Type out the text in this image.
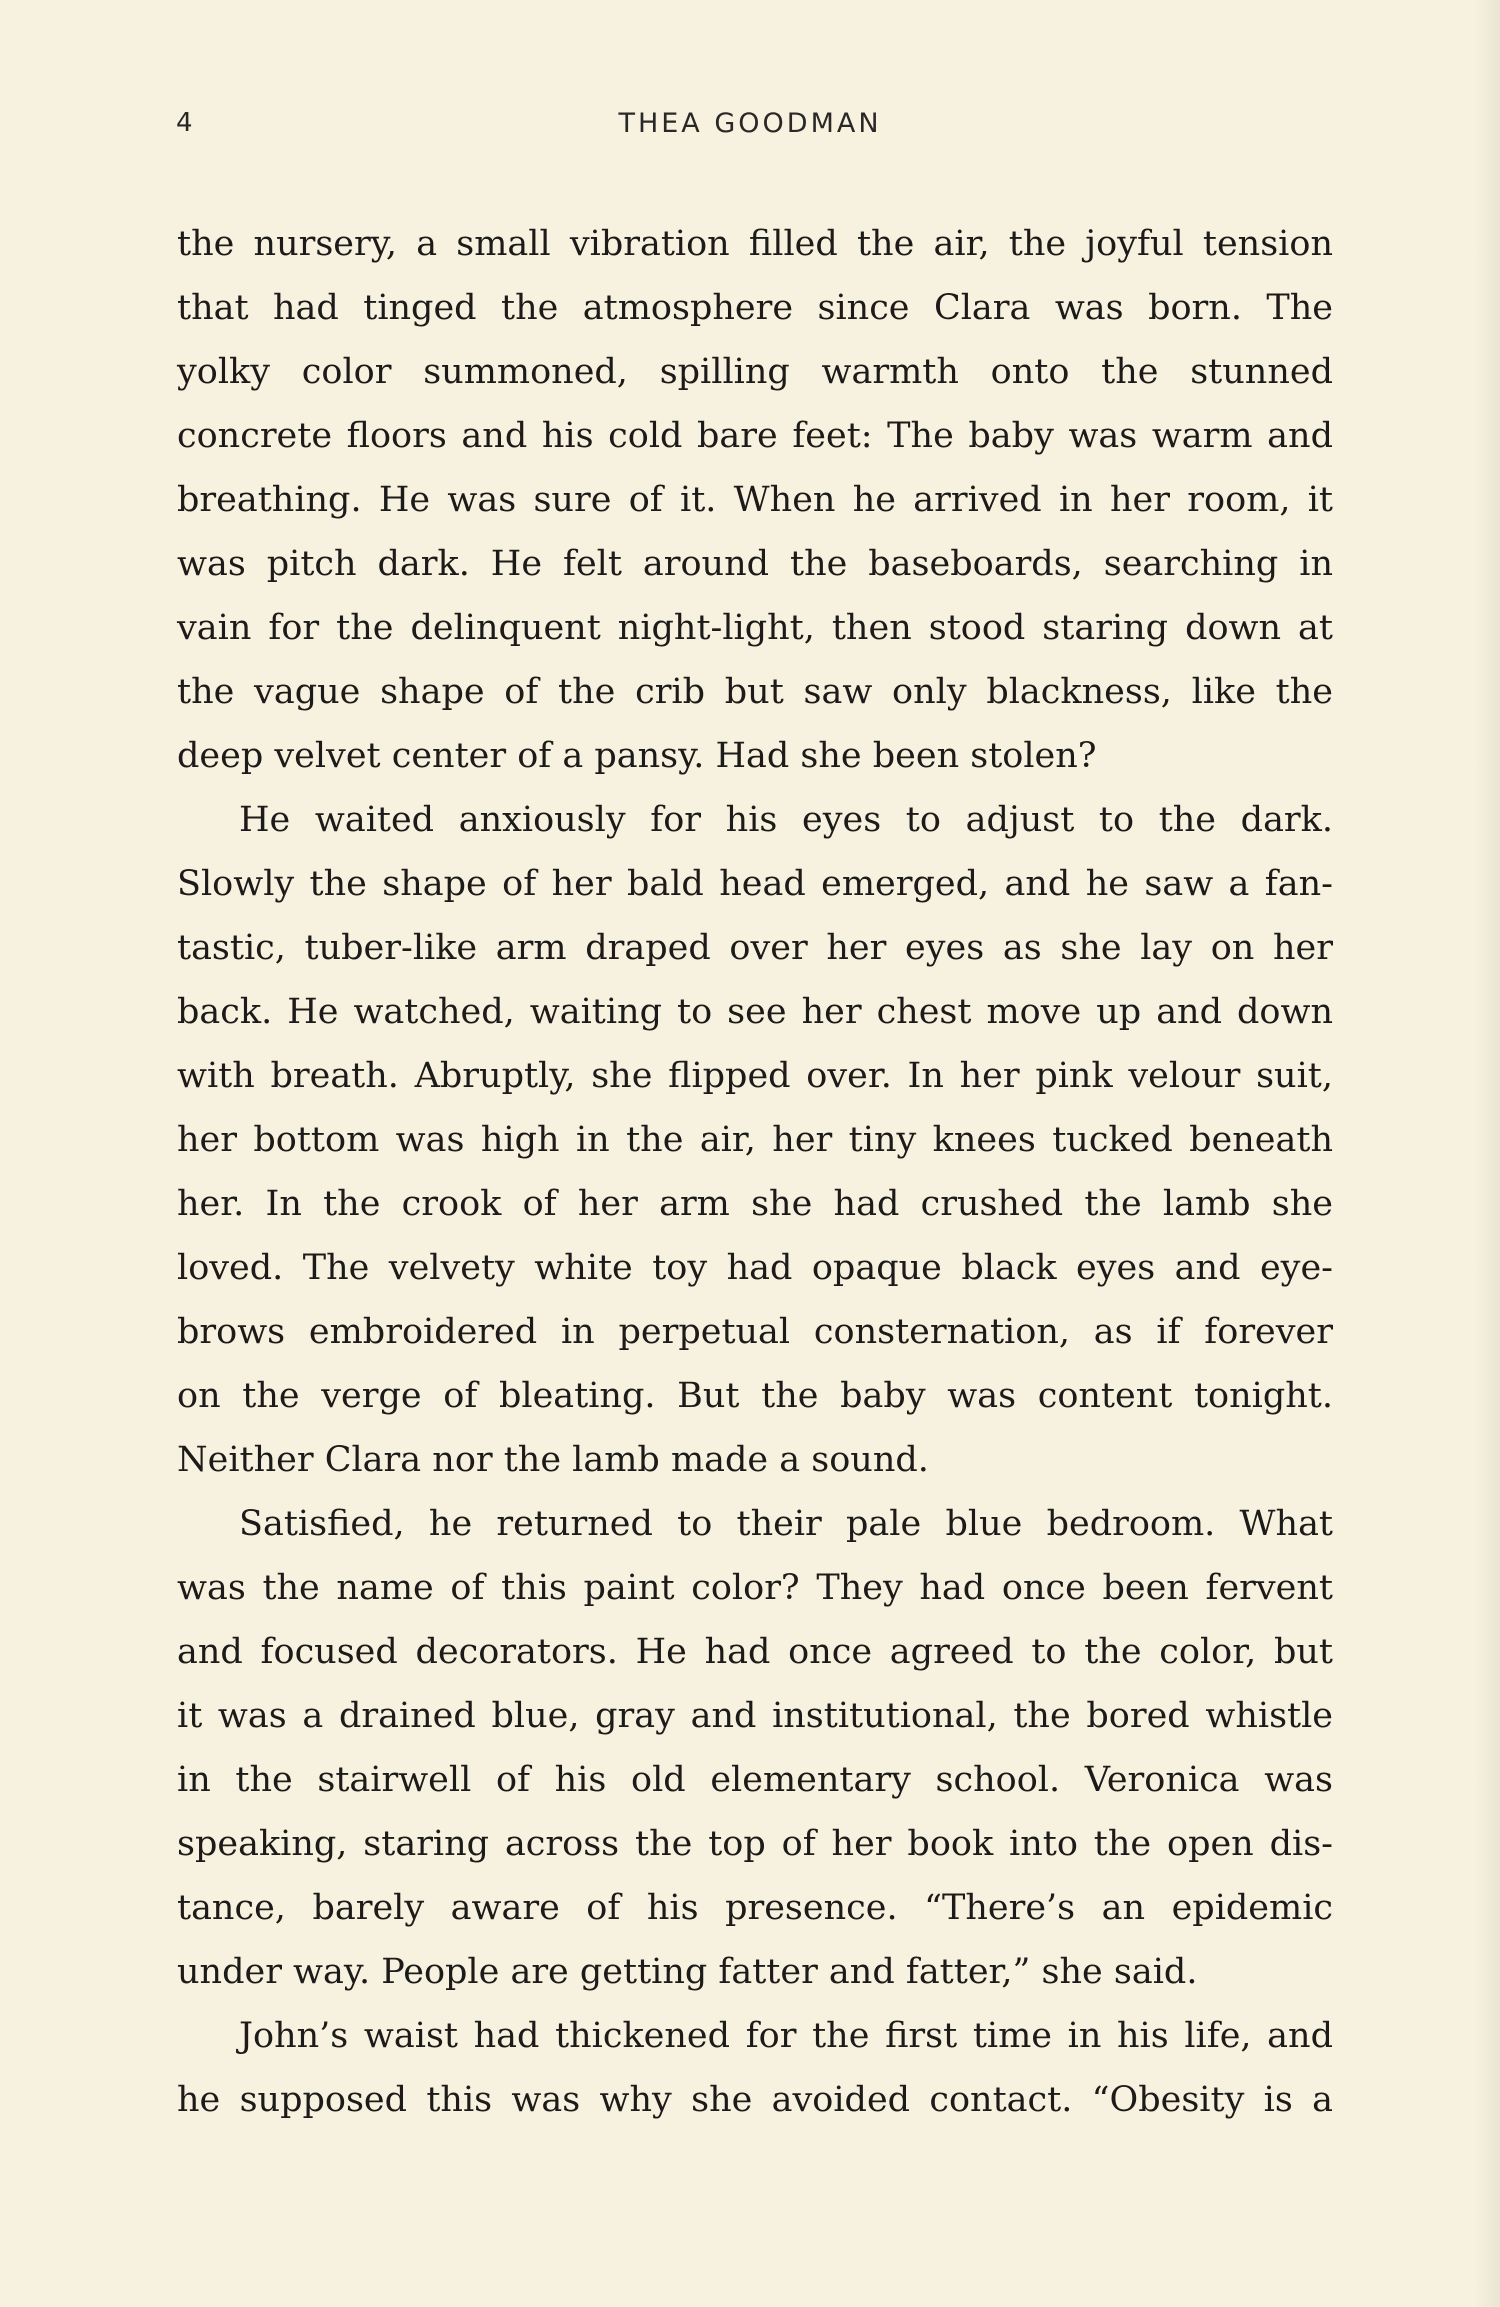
4	THEA GOODMAN
the nursery, a small vibration filled the air, the joyful tension
that had tinged the atmosphere since Clara was born. The
yolky color summoned, spilling warmth onto the stunned
concrete floors and his cold bare feet: The baby was warm and
breathing. He was sure of it. When he arrived in her room, it
was pitch dark. He felt around the baseboards, searching in
vain for the delinquent night-light, then stood staring down at
the vague shape of the crib but saw only blackness, like the
deep velvet center of a pansy. Had she been stolen?
He waited anxiously for his eyes to adjust to the dark.
Slowly the shape of her bald head emerged, and he saw a fan-
tastic, tuber-like arm draped over her eyes as she lay on her
back. He watched, waiting to see her chest move up and down
with breath. Abruptly, she flipped over. In her pink velour suit,
her bottom was high in the air, her tiny knees tucked beneath
her. In the crook of her arm she had crushed the lamb she
loved. The velvety white toy had opaque black eyes and eye-
brows embroidered in perpetual consternation, as if forever
on the verge of bleating. But the baby was content tonight.
Neither Clara nor the lamb made a sound.
Satisfied, he returned to their pale blue bedroom. What
was the name of this paint color? They had once been fervent
and focused decorators. He had once agreed to the color, but
it was a drained blue, gray and institutional, the bored whistle
in the stairwell of his old elementary school. Veronica was
speaking, staring across the top of her book into the open dis-
tance, barely aware of his presence. “There’s an epidemic
under way. People are getting fatter and fatter,” she said.
John’s waist had thickened for the first time in his life, and
he supposed this was why she avoided contact. “Obesity is a
